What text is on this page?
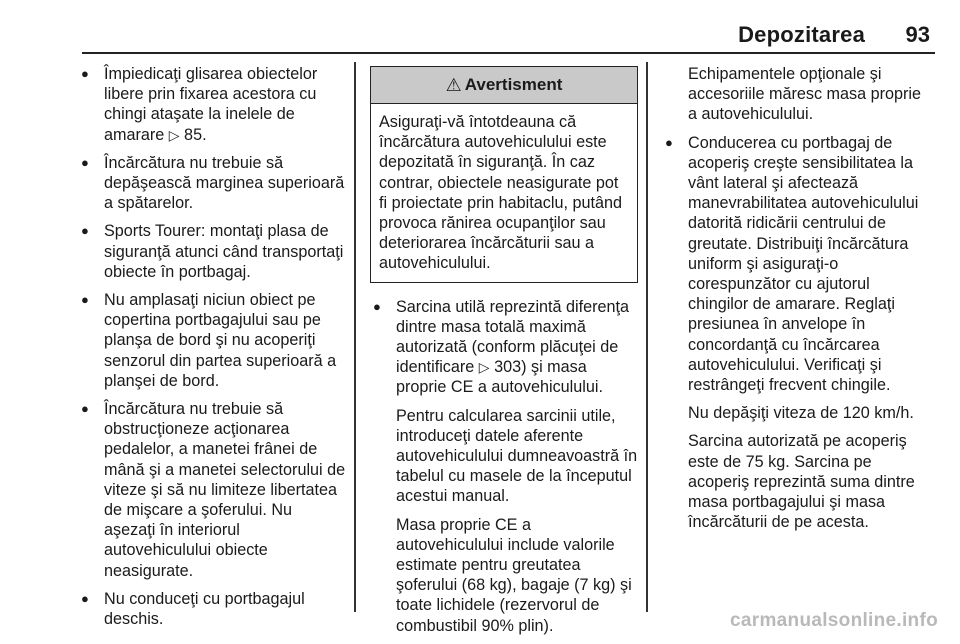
Depozitarea 93
● Împiedicaţi glisarea obiectelor libere prin fixarea acestora cu chingi ataşate la inelele de amarare ▷ 85.
● Încărcătura nu trebuie să depăşească marginea superioară a spătarelor.
● Sports Tourer: montaţi plasa de siguranţă atunci când transportaţi obiecte în portbagaj.
● Nu amplasaţi niciun obiect pe copertina portbagajului sau pe planşa de bord şi nu acoperiţi senzorul din partea superioară a planşei de bord.
● Încărcătura nu trebuie să obstrucţioneze acţionarea pedalelor, a manetei frânei de mână şi a manetei selectorului de viteze şi să nu limiteze libertatea de mişcare a şoferului. Nu aşezaţi în interiorul autovehiculului obiecte neasigurate.
● Nu conduceţi cu portbagajul deschis.
⚠ Avertisment
Asiguraţi-vă întotdeauna că încărcătura autovehiculului este depozitată în siguranţă. În caz contrar, obiectele neasigurate pot fi proiectate prin habitaclu, putând provoca rănirea ocupanţilor sau deteriorarea încărcăturii sau a autovehiculului.
● Sarcina utilă reprezintă diferenţa dintre masa totală maximă autorizată (conform plăcuţei de identificare ▷ 303) şi masa proprie CE a autovehiculului.
Pentru calcularea sarcinii utile, introduceţi datele aferente autovehiculului dumneavoastră în tabelul cu masele de la începutul acestui manual.
Masa proprie CE a autovehiculului include valorile estimate pentru greutatea şoferului (68 kg), bagaje (7 kg) şi toate lichidele (rezervorul de combustibil 90% plin).
Echipamentele opţionale şi accesoriile măresc masa proprie a autovehiculului.
● Conducerea cu portbagaj de acoperiş creşte sensibilitatea la vânt lateral şi afectează manevrabilitatea autovehiculului datorită ridicării centrului de greutate. Distribuiţi încărcătura uniform şi asiguraţi-o corespunzător cu ajutorul chingilor de amarare. Reglaţi presiunea în anvelope în concordanţă cu încărcarea autovehiculului. Verificaţi şi restrângeţi frecvent chingile.
Nu depăşiţi viteza de 120 km/h.
Sarcina autorizată pe acoperiş este de 75 kg. Sarcina pe acoperiş reprezintă suma dintre masa portbagajului şi masa încărcăturii de pe acesta.
carmanualsonline.info
